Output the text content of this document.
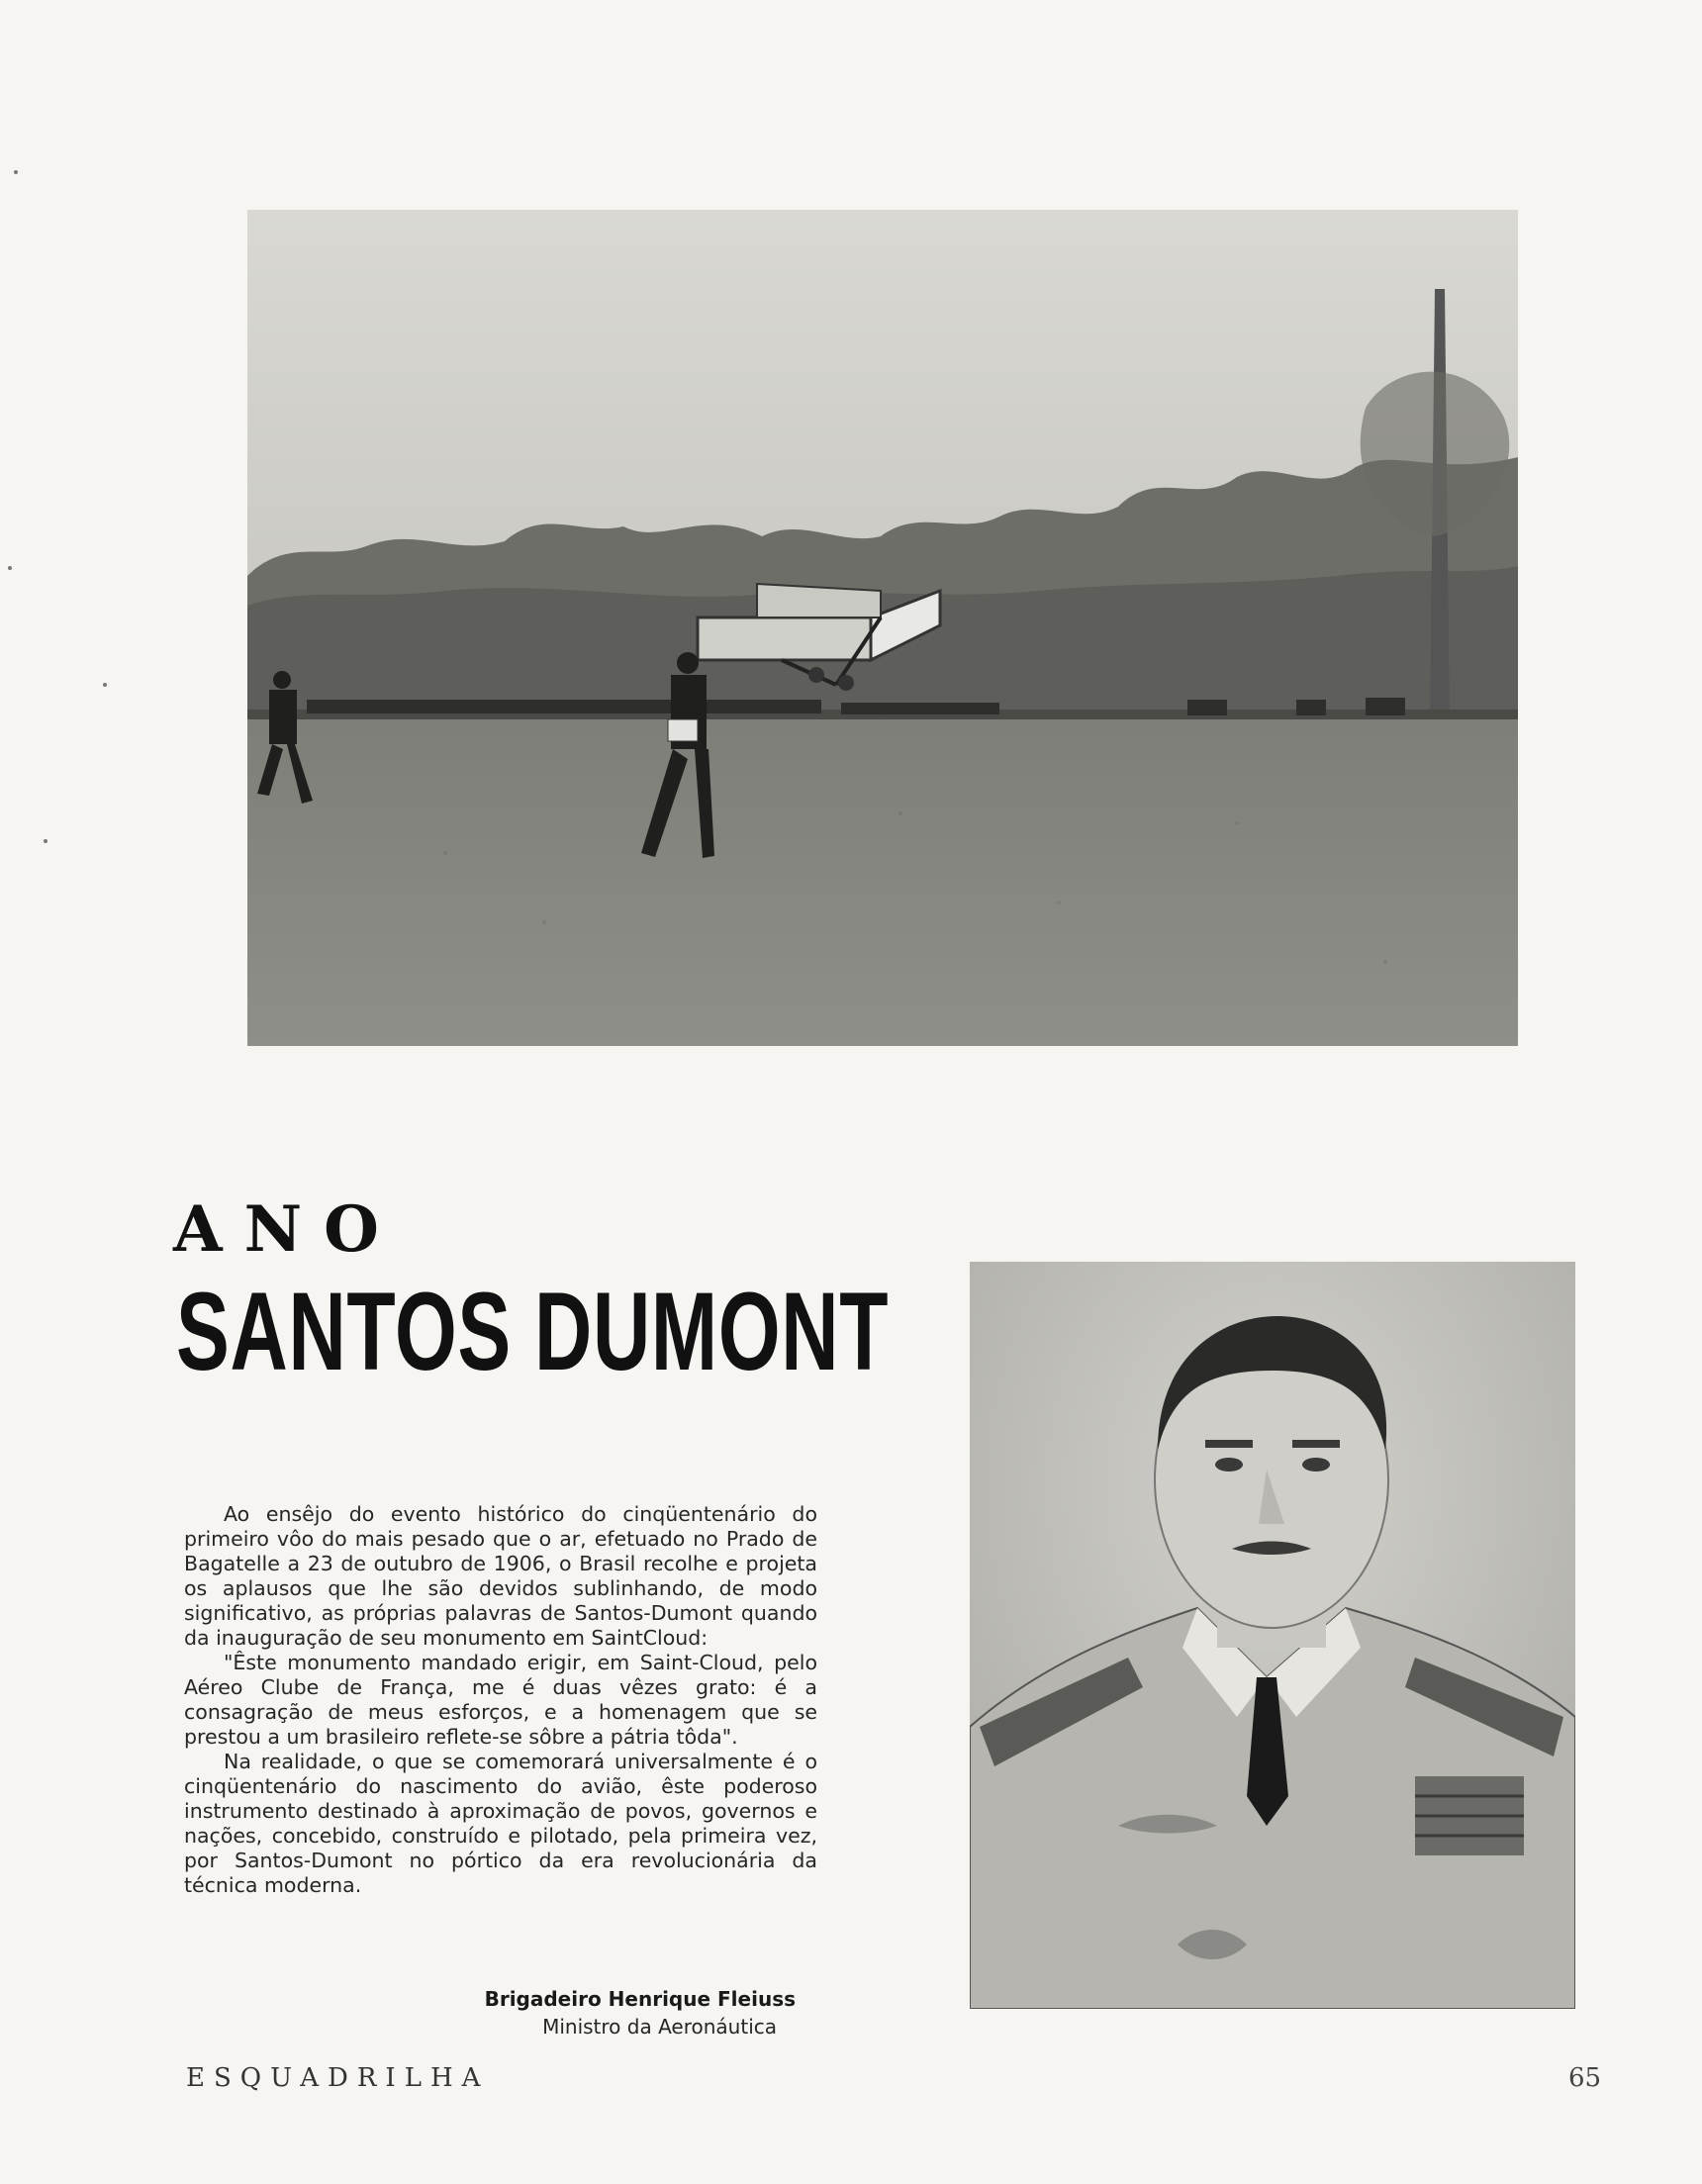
ANO
SANTOS DUMONT

Ao ensêjo do evento histórico do cinqüentenário do primeiro vôo do mais pesado que o ar, efetuado no Prado de Bagatelle a 23 de outubro de 1906, o Brasil recolhe e projeta os aplausos que lhe são devidos sublinhando, de modo significativo, as próprias palavras de Santos-Dumont quando da inauguração de seu monumento em SaintCloud:

"Êste monumento mandado erigir, em Saint-Cloud, pelo Aéreo Clube de França, me é duas vêzes grato: é a consagração de meus esforços, e a homenagem que se prestou a um brasileiro reflete-se sôbre a pátria tôda".

Na realidade, o que se comemorará universalmente é o cinqüentenário do nascimento do avião, êste poderoso instrumento destinado à aproximação de povos, governos e nações, concebido, construído e pilotado, pela primeira vez, por Santos-Dumont no pórtico da era revolucionária da técnica moderna.

Brigadeiro Henrique Fleiuss
Ministro da Aeronáutica
ESQUADRILHA	65
